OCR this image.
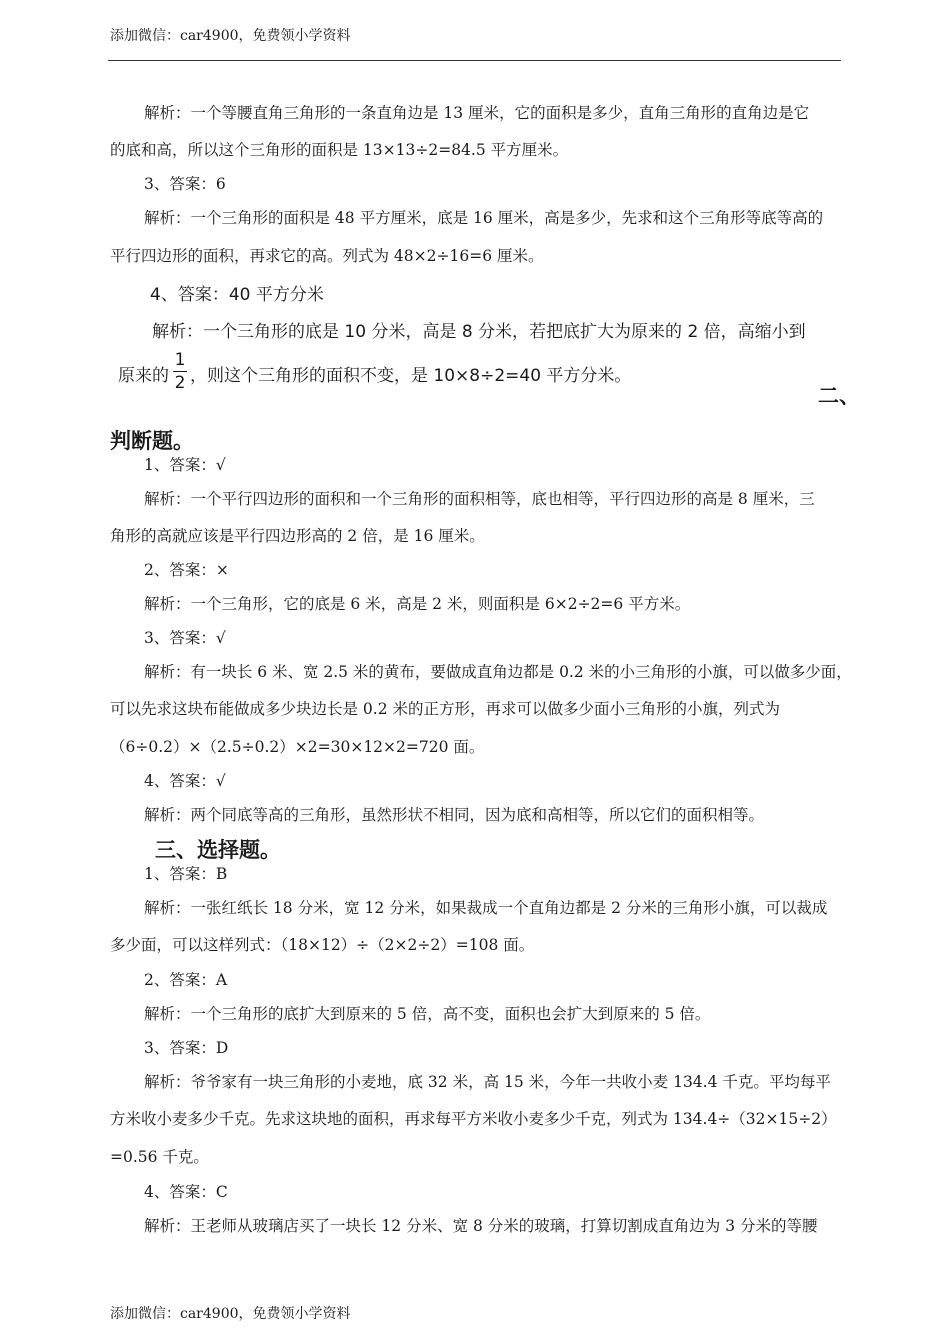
添加微信：car4900，免费领小学资料
解析：一个等腰直角三角形的一条直角边是 13 厘米，它的面积是多少，直角三角形的直角边是它
的底和高，所以这个三角形的面积是 13×13÷2=84.5 平方厘米。
3、答案：6
解析：一个三角形的面积是 48 平方厘米，底是 16 厘米，高是多少，先求和这个三角形等底等高的
平行四边形的面积，再求它的高。列式为 48×2÷16=6 厘米。
4、答案：40 平方分米
解析：一个三角形的底是 10 分米，高是 8 分米，若把底扩大为原来的 2 倍，高缩小到
原来的
1
2 ，则这个三角形的面积不变，是 10×8÷2=40 平方分米。
二、
判断题。
1、答案：√
解析：一个平行四边形的面积和一个三角形的面积相等，底也相等，平行四边形的高是 8 厘米，三
角形的高就应该是平行四边形高的 2 倍，是 16 厘米。
2、答案：×
解析：一个三角形，它的底是 6 米，高是 2 米，则面积是 6×2÷2=6 平方米。
3、答案：√
解析：有一块长 6 米、宽 2.5 米的黄布，要做成直角边都是 0.2 米的小三角形的小旗，可以做多少面，
可以先求这块布能做成多少块边长是 0.2 米的正方形，再求可以做多少面小三角形的小旗，列式为
（6÷0.2）×（2.5÷0.2）×2=30×12×2=720 面。
4、答案：√
解析：两个同底等高的三角形，虽然形状不相同，因为底和高相等，所以它们的面积相等。
三、选择题。
1、答案：B
解析：一张红纸长 18 分米，宽 12 分米，如果裁成一个直角边都是 2 分米的三角形小旗，可以裁成
多少面，可以这样列式：（18×12）÷（2×2÷2）=108 面。
2、答案：A
解析：一个三角形的底扩大到原来的 5 倍，高不变，面积也会扩大到原来的 5 倍。
3、答案：D
解析：爷爷家有一块三角形的小麦地，底 32 米，高 15 米，今年一共收小麦 134.4 千克。平均每平
方米收小麦多少千克。先求这块地的面积，再求每平方米收小麦多少千克，列式为 134.4÷（32×15÷2）
=0.56 千克。
4、答案：C
解析：王老师从玻璃店买了一块长 12 分米、宽 8 分米的玻璃，打算切割成直角边为 3 分米的等腰
添加微信：car4900，免费领小学资料
